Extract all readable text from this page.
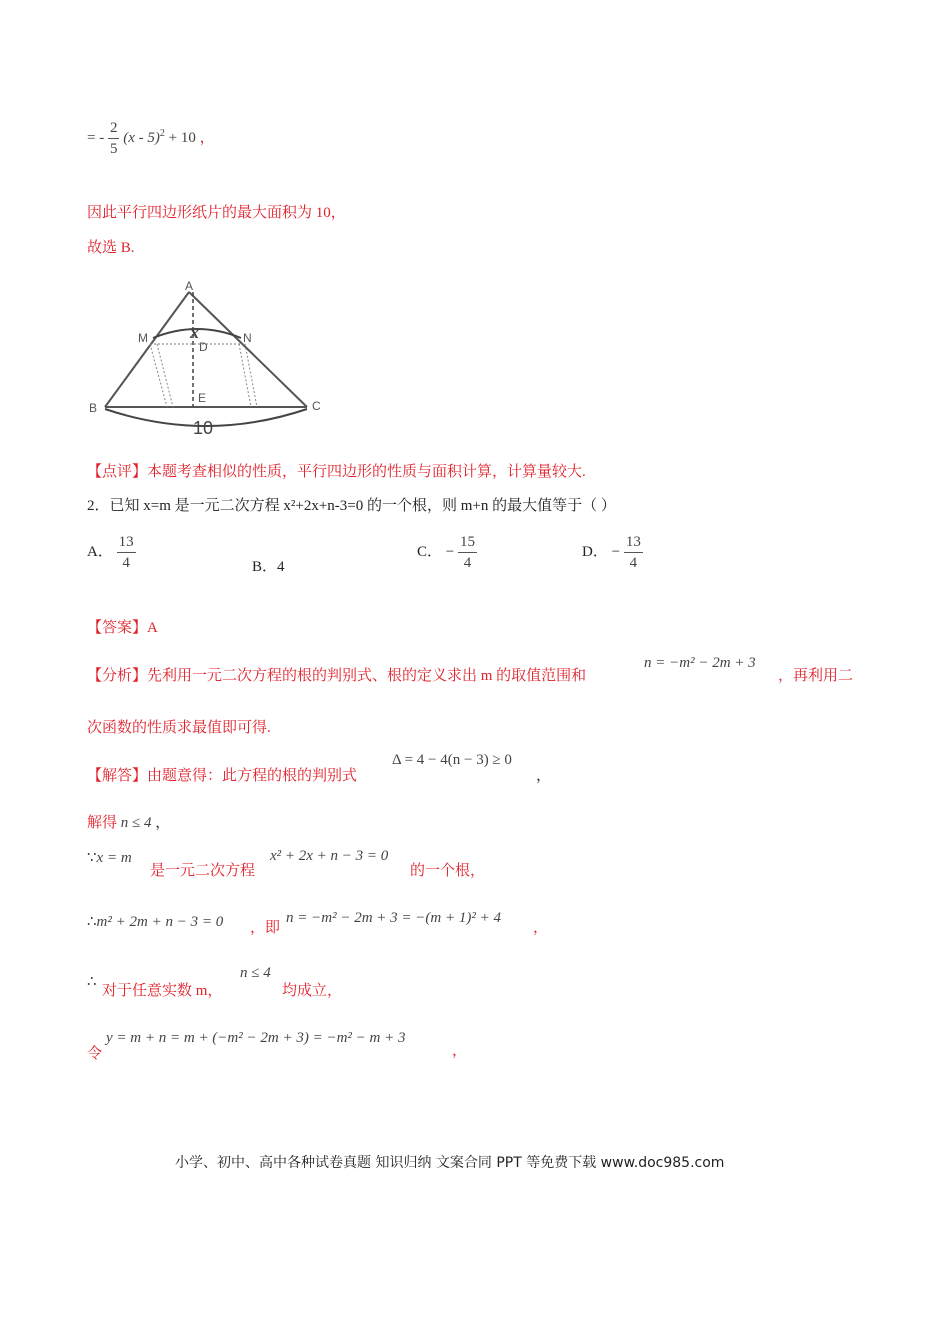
= - $\frac{2}{5} (x - 5)^2 + 10$ ，
因此平行四边形纸片的最大面积为 10，
故选 B.
A
B	C
M	N
D
E
x
10
【点评】本题考查相似的性质，平行四边形的性质与面积计算，计算量较大.
2．已知 x=m 是一元二次方程 x²+2x+n-3=0 的一个根，则 m+n 的最大值等于（ ）
A． $\frac{13}{4}$	B．4
C． − $\frac{15}{4}$	D． − $\frac{13}{4}$
【答案】A
【分析】先利用一元二次方程的根的判别式、根的定义求出 m 的取值范围和
n = −m² − 2m + 3
，再利用二
次函数的性质求最值即可得.
【解答】由题意得：此方程的根的判别式
Δ = 4 − 4(n − 3) ≥ 0
，
解得 n ≤ 4 ，
∵x = m
是一元二次方程
x² + 2x + n − 3 = 0
的一个根，
∴m² + 2m + n − 3 = 0 ，即
n = −m² − 2m + 3 = −(m + 1)² + 4
，
∴
对于任意实数 m，
n ≤ 4
均成立，
令
y = m + n = m + (−m² − 2m + 3) = −m² − m + 3
，
小学、初中、高中各种试卷真题 知识归纳 文案合同 PPT 等免费下载 www.doc985.com
